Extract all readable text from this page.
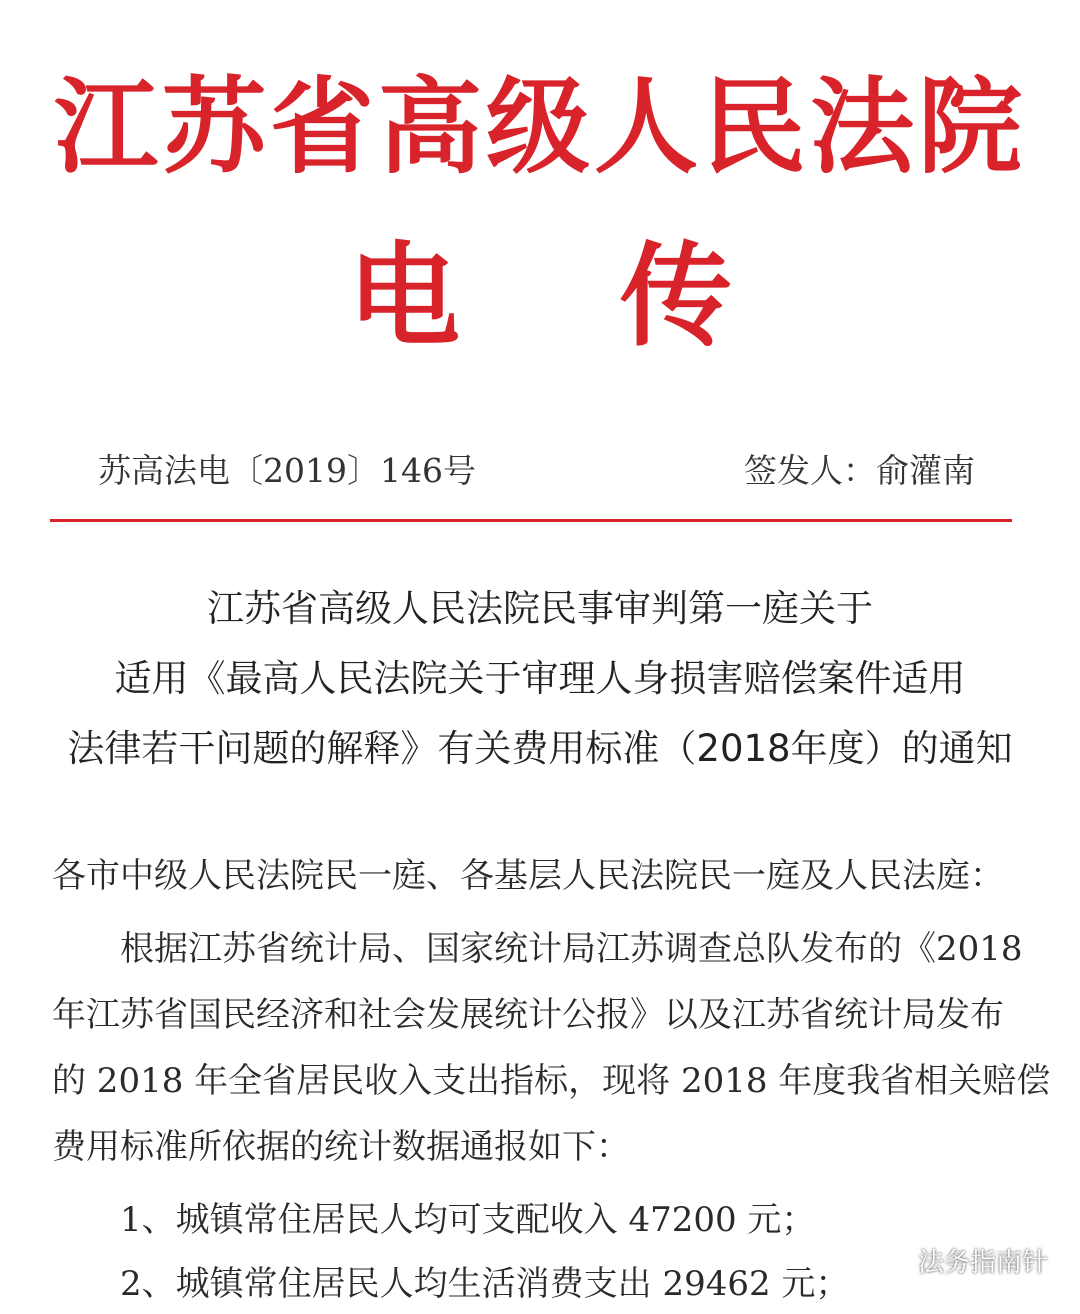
江苏省高级人民法院
电传
苏高法电〔2019〕146号	签发人：俞灌南
江苏省高级人民法院民事审判第一庭关于
适用《最高人民法院关于审理人身损害赔偿案件适用
法律若干问题的解释》有关费用标准（2018年度）的通知
各市中级人民法院民一庭、各基层人民法院民一庭及人民法庭：
根据江苏省统计局、国家统计局江苏调查总队发布的《2018
年江苏省国民经济和社会发展统计公报》以及江苏省统计局发布
的 2018 年全省居民收入支出指标，现将 2018 年度我省相关赔偿
费用标准所依据的统计数据通报如下：
1、城镇常住居民人均可支配收入 47200 元；
2、城镇常住居民人均生活消费支出 29462 元；
法务指南针
